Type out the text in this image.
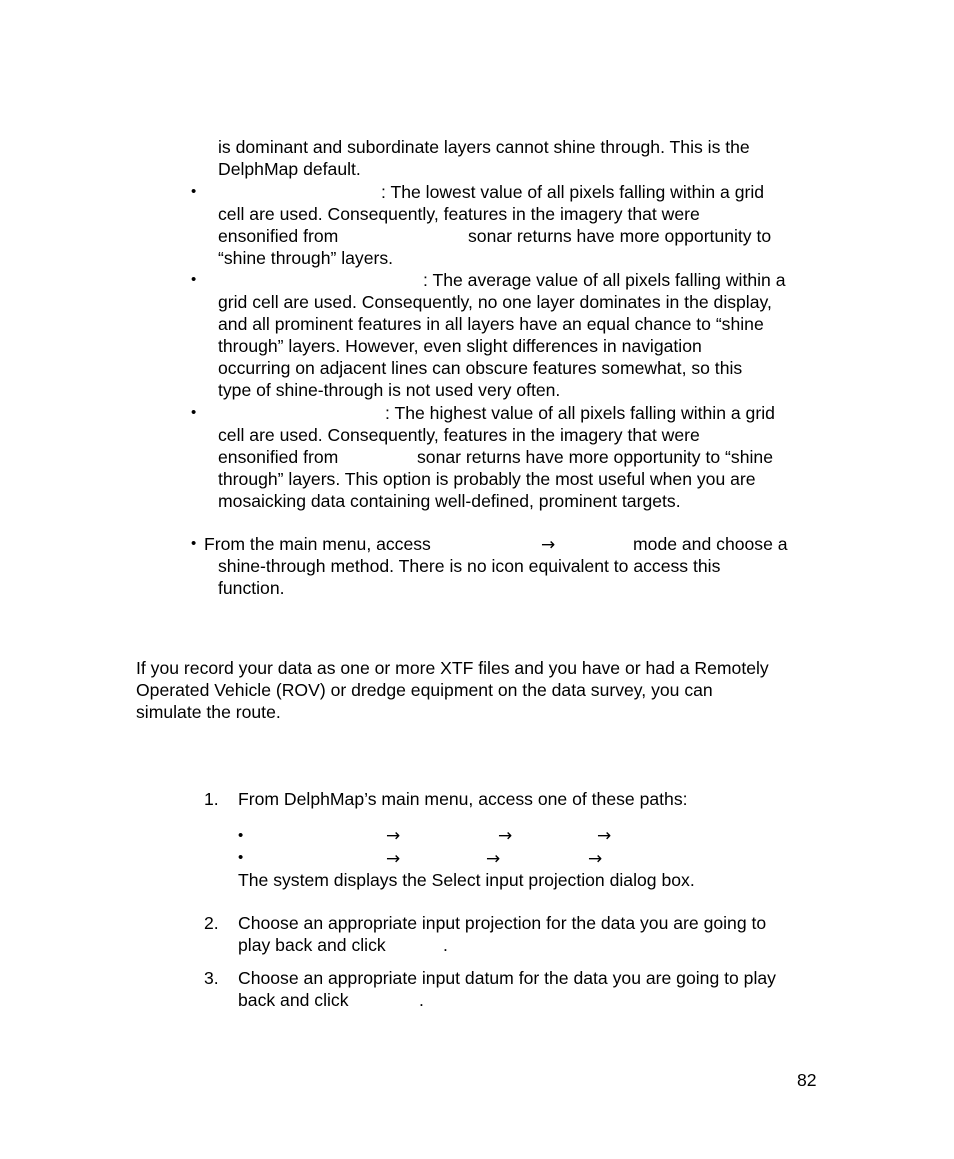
is dominant and subordinate layers cannot shine through. This is the
DelphMap default.
•	: The lowest value of all pixels falling within a grid
cell are used. Consequently, features in the imagery that were
ensonified from	sonar returns have more opportunity to
“shine through” layers.
•	: The average value of all pixels falling within a
grid cell are used. Consequently, no one layer dominates in the display,
and all prominent features in all layers have an equal chance to “shine
through” layers. However, even slight differences in navigation
occurring on adjacent lines can obscure features somewhat, so this
type of shine-through is not used very often.
•	: The highest value of all pixels falling within a grid
cell are used. Consequently, features in the imagery that were
ensonified from	sonar returns have more opportunity to “shine
through” layers. This option is probably the most useful when you are
mosaicking data containing well-defined, prominent targets.
• From the main menu, access	→	mode and choose a
shine-through method. There is no icon equivalent to access this
function.
If you record your data as one or more XTF files and you have or had a Remotely
Operated Vehicle (ROV) or dredge equipment on the data survey, you can
simulate the route.
1. From DelphMap’s main menu, access one of these paths:
•	→	→	→
•	→	→	→
The system displays the Select input projection dialog box.
2. Choose an appropriate input projection for the data you are going to
play back and click	.
3. Choose an appropriate input datum for the data you are going to play
back and click	.
82
